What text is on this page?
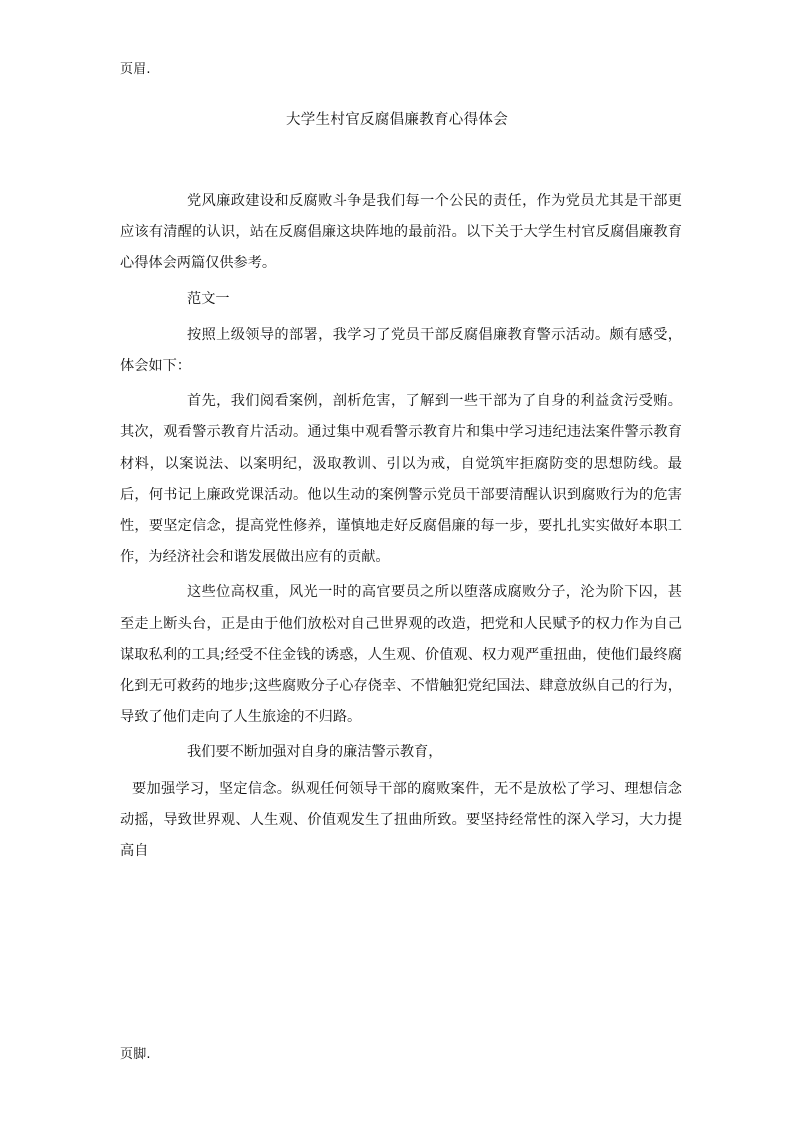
页眉.
大学生村官反腐倡廉教育心得体会

党风廉政建设和反腐败斗争是我们每一个公民的责任，作为党员尤其是干部更应该有清醒的认识，站在反腐倡廉这块阵地的最前沿。以下关于大学生村官反腐倡廉教育心得体会两篇仅供参考。

范文一

按照上级领导的部署，我学习了党员干部反腐倡廉教育警示活动。颇有感受，体会如下：

首先，我们阅看案例，剖析危害，了解到一些干部为了自身的利益贪污受贿。其次，观看警示教育片活动。通过集中观看警示教育片和集中学习违纪违法案件警示教育材料，以案说法、以案明纪，汲取教训、引以为戒，自觉筑牢拒腐防变的思想防线。最后，何书记上廉政党课活动。他以生动的案例警示党员干部要清醒认识到腐败行为的危害性，要坚定信念，提高党性修养，谨慎地走好反腐倡廉的每一步，要扎扎实实做好本职工作，为经济社会和谐发展做出应有的贡献。

这些位高权重，风光一时的高官要员之所以堕落成腐败分子，沦为阶下囚，甚至走上断头台，正是由于他们放松对自己世界观的改造，把党和人民赋予的权力作为自己谋取私利的工具;经受不住金钱的诱惑，人生观、价值观、权力观严重扭曲，使他们最终腐化到无可救药的地步;这些腐败分子心存侥幸、不惜触犯党纪国法、肆意放纵自己的行为，导致了他们走向了人生旅途的不归路。

我们要不断加强对自身的廉洁警示教育，

要加强学习，坚定信念。纵观任何领导干部的腐败案件，无不是放松了学习、理想信念动摇，导致世界观、人生观、价值观发生了扭曲所致。要坚持经常性的深入学习，大力提高自

页脚.
